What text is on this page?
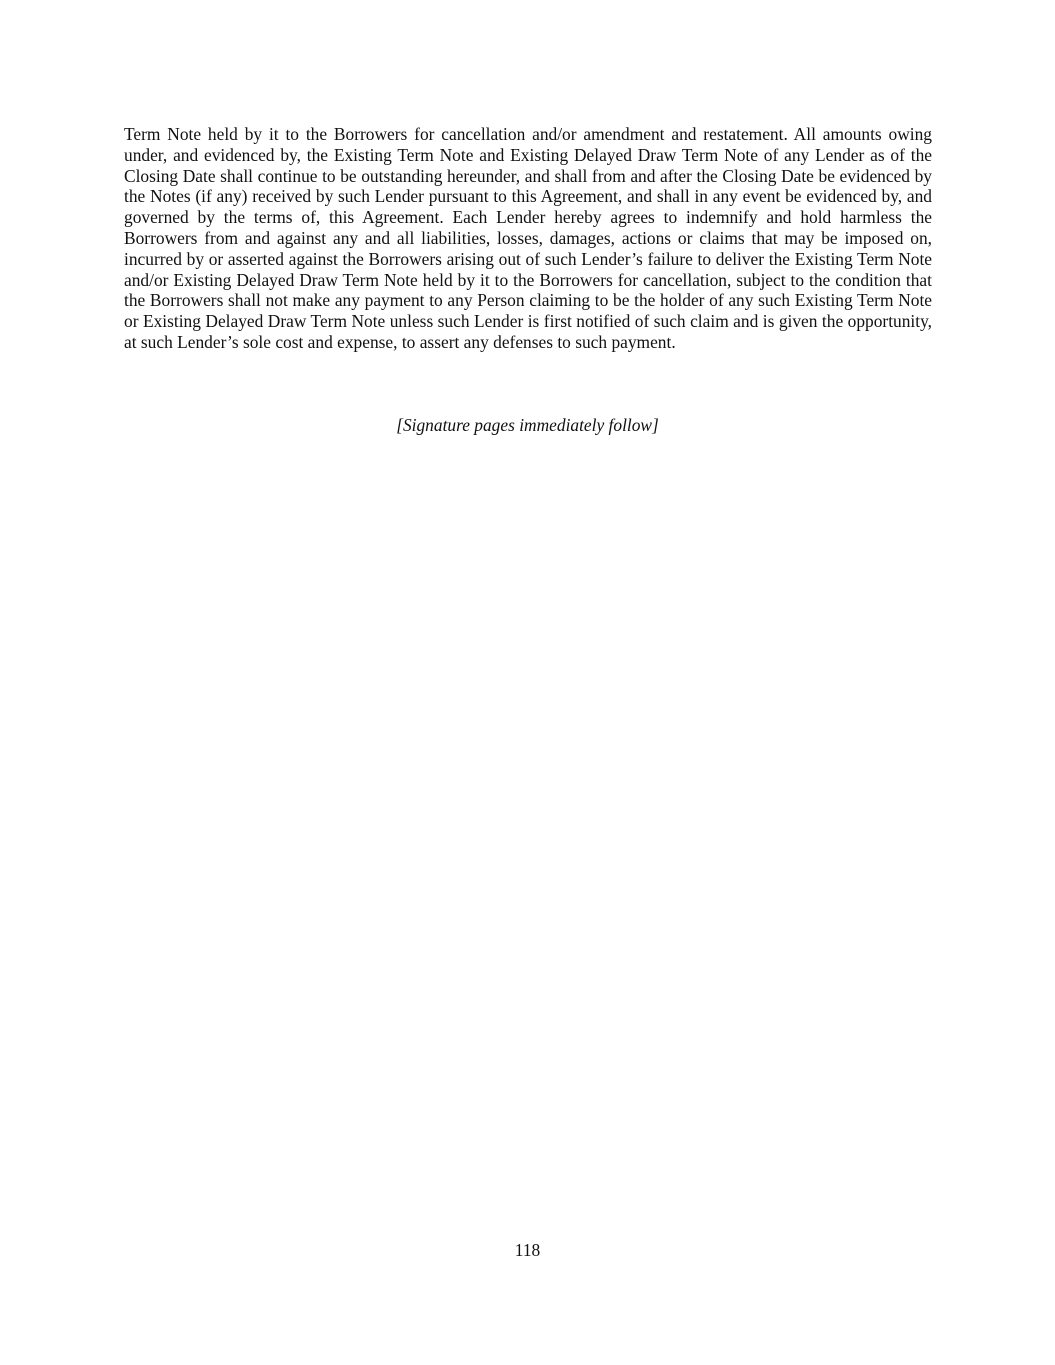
Term Note held by it to the Borrowers for cancellation and/or amendment and restatement. All amounts owing under, and evidenced by, the Existing Term Note and Existing Delayed Draw Term Note of any Lender as of the Closing Date shall continue to be outstanding hereunder, and shall from and after the Closing Date be evidenced by the Notes (if any) received by such Lender pursuant to this Agreement, and shall in any event be evidenced by, and governed by the terms of, this Agreement. Each Lender hereby agrees to indemnify and hold harmless the Borrowers from and against any and all liabilities, losses, damages, actions or claims that may be imposed on, incurred by or asserted against the Borrowers arising out of such Lender’s failure to deliver the Existing Term Note and/or Existing Delayed Draw Term Note held by it to the Borrowers for cancellation, subject to the condition that the Borrowers shall not make any payment to any Person claiming to be the holder of any such Existing Term Note or Existing Delayed Draw Term Note unless such Lender is first notified of such claim and is given the opportunity, at such Lender’s sole cost and expense, to assert any defenses to such payment.

[Signature pages immediately follow]

118
